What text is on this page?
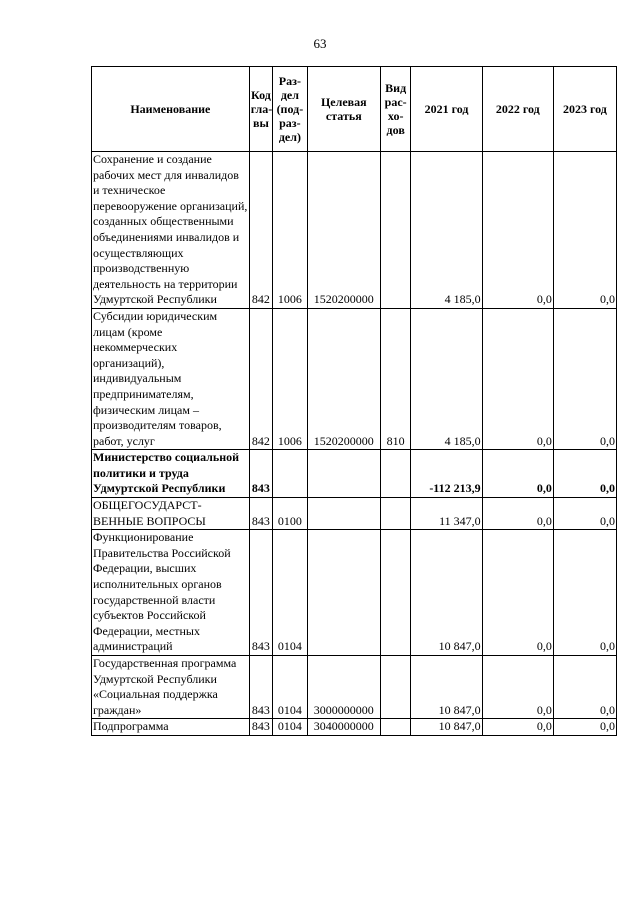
63
Наименование	Код гла-вы	Раз-дел (под-раз-дел)	Целевая статья	Вид рас-хо-дов	2021 год	2022 год	2023 год
Сохранение и создание рабочих мест для инвалидов и техническое перевооружение организаций, созданных общественными объединениями инвалидов и осуществляющих производственную деятельность на территории Удмуртской Республики	842	1006	1520200000		4 185,0	0,0	0,0
Субсидии юридическим лицам (кроме некоммерческих организаций), индивидуальным предпринимателям, физическим лицам – производителям товаров, работ, услуг	842	1006	1520200000	810	4 185,0	0,0	0,0
Министерство социальной политики и труда Удмуртской Республики	843				-112 213,9	0,0	0,0
ОБЩЕГОСУДАРСТ-ВЕННЫЕ ВОПРОСЫ	843	0100			11 347,0	0,0	0,0
Функционирование Правительства Российской Федерации, высших исполнительных органов государственной власти субъектов Российской Федерации, местных администраций	843	0104			10 847,0	0,0	0,0
Государственная программа Удмуртской Республики «Социальная поддержка граждан»	843	0104	3000000000		10 847,0	0,0	0,0
Подпрограмма	843	0104	3040000000		10 847,0	0,0	0,0
